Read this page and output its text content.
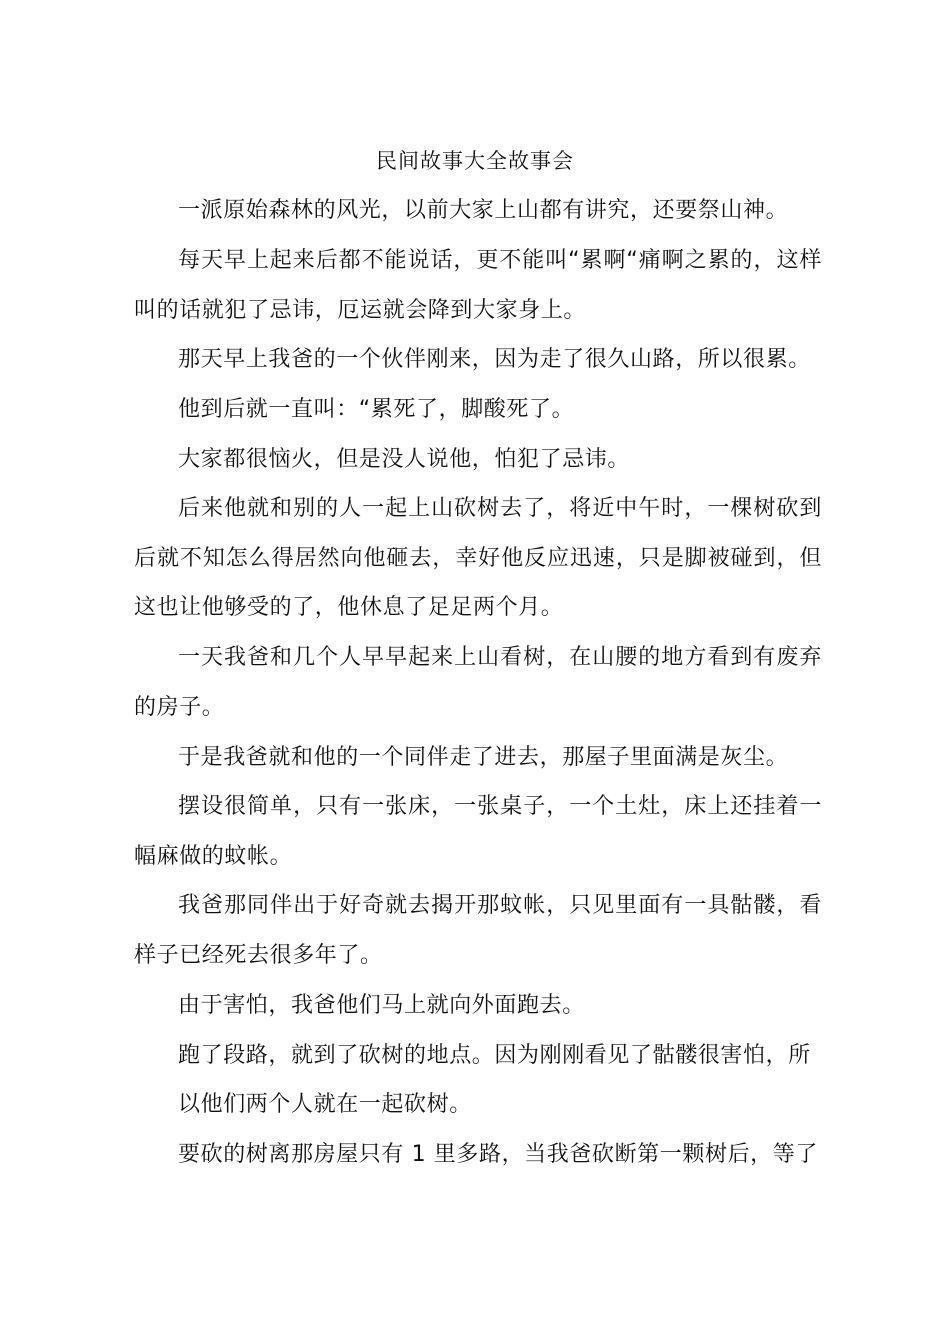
民间故事大全故事会

一派原始森林的风光，以前大家上山都有讲究，还要祭山神。

每天早上起来后都不能说话，更不能叫“累啊“痛啊之累的，这样叫的话就犯了忌讳，厄运就会降到大家身上。

那天早上我爸的一个伙伴刚来，因为走了很久山路，所以很累。

他到后就一直叫：“累死了，脚酸死了。

大家都很恼火，但是没人说他，怕犯了忌讳。

后来他就和别的人一起上山砍树去了，将近中午时，一棵树砍到后就不知怎么得居然向他砸去，幸好他反应迅速，只是脚被碰到，但这也让他够受的了，他休息了足足两个月。

一天我爸和几个人早早起来上山看树，在山腰的地方看到有废弃的房子。

于是我爸就和他的一个同伴走了进去，那屋子里面满是灰尘。

摆设很简单，只有一张床，一张桌子，一个土灶，床上还挂着一幅麻做的蚊帐。

我爸那同伴出于好奇就去揭开那蚊帐，只见里面有一具骷髅，看样子已经死去很多年了。

由于害怕，我爸他们马上就向外面跑去。

跑了段路，就到了砍树的地点。因为刚刚看见了骷髅很害怕，所

以他们两个人就在一起砍树。

要砍的树离那房屋只有 1 里多路，当我爸砍断第一颗树后，等了
